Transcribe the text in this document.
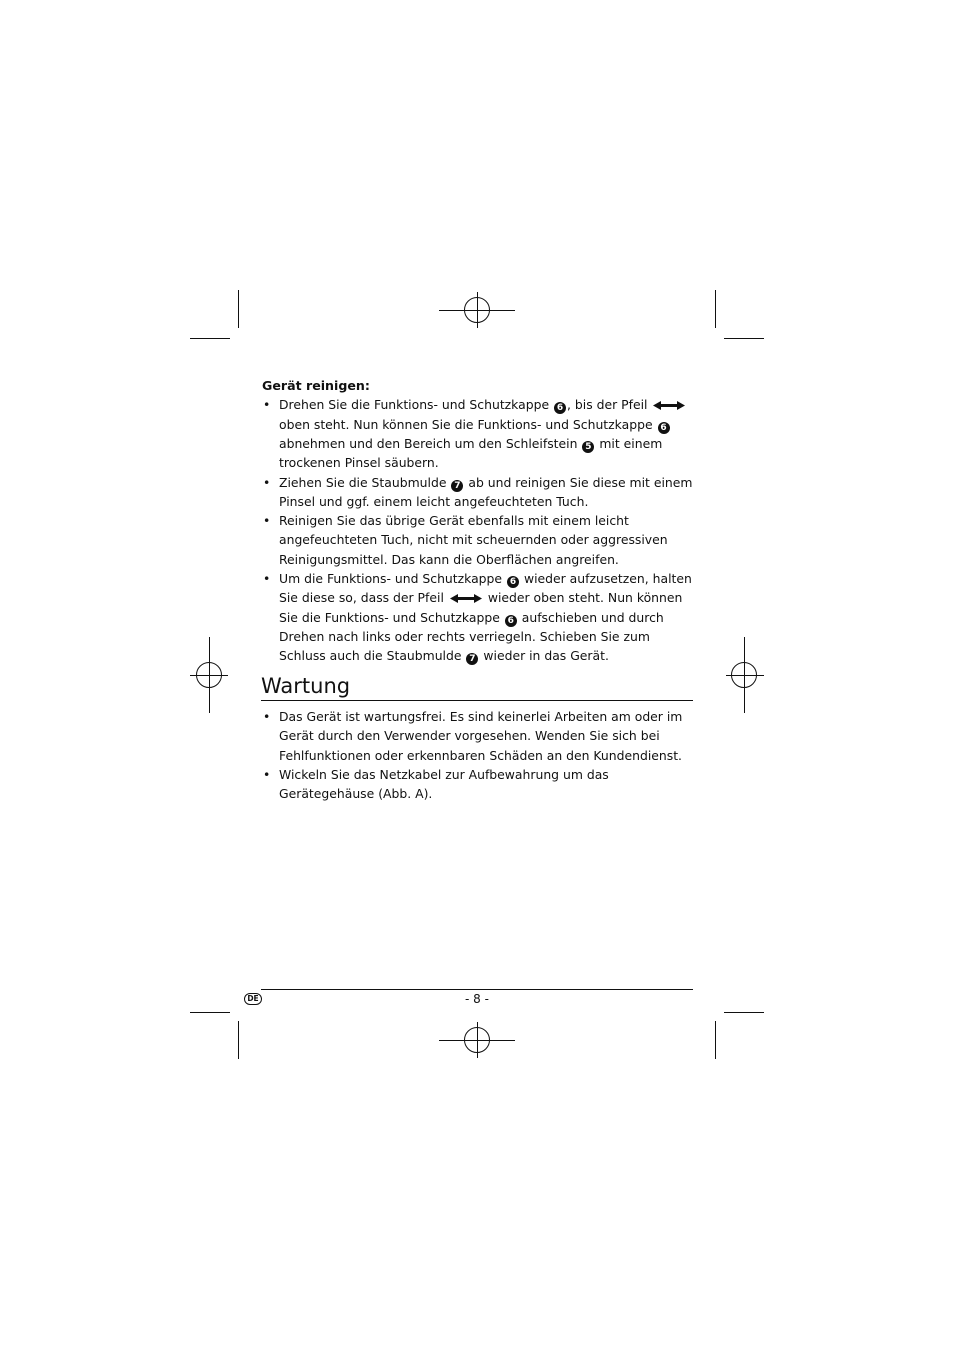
Gerät reinigen:

• Drehen Sie die Funktions- und Schutzkappe 6 , bis der Pfeil  oben steht. Nun können Sie die Funktions- und Schutzkappe 6 abnehmen und den Bereich um den Schleifstein 5 mit einem trockenen Pinsel säubern.
• Ziehen Sie die Staubmulde 7 ab und reinigen Sie diese mit einem Pinsel und ggf. einem leicht angefeuchteten Tuch.
• Reinigen Sie das übrige Gerät ebenfalls mit einem leicht angefeuchteten Tuch, nicht mit scheuernden oder aggressiven Reinigungsmittel. Das kann die Oberflächen angreifen.
• Um die Funktions- und Schutzkappe 6 wieder aufzusetzen, halten Sie diese so, dass der Pfeil	wieder oben steht. Nun können Sie die Funktions- und Schutzkappe 6 aufschieben und durch Drehen nach links oder rechts verriegeln. Schieben Sie zum Schluss auch die Staubmulde 7 wieder in das Gerät.
Wartung
• Das Gerät ist wartungsfrei. Es sind keinerlei Arbeiten am oder im Gerät durch den Verwender vorgesehen. Wenden Sie sich bei Fehlfunktionen oder erkennbaren Schäden an den Kundendienst.
• Wickeln Sie das Netzkabel zur Aufbewahrung um das Gerätegehäuse (Abb. A).
DE	- 8 -
